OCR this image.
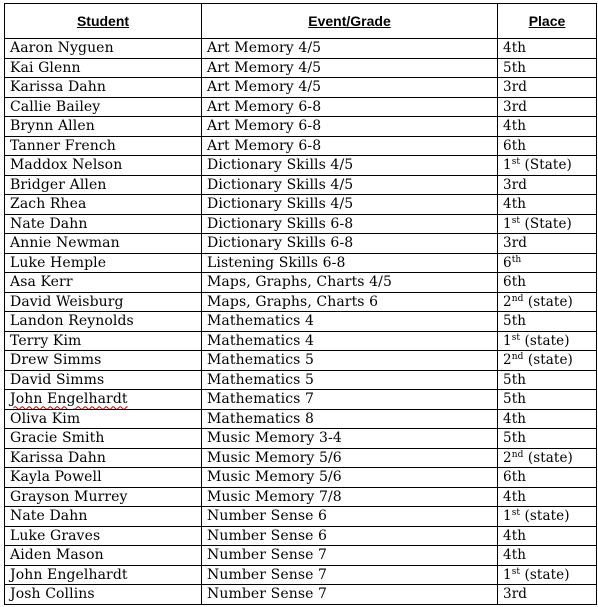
Student	Event/Grade	Place
Aaron Nyguen	Art Memory 4/5	4th
Kai Glenn	Art Memory 4/5	5th
Karissa Dahn	Art Memory 4/5	3rd
Callie Bailey	Art Memory 6-8	3rd
Brynn Allen	Art Memory 6-8	4th
Tanner French	Art Memory 6-8	6th
Maddox Nelson	Dictionary Skills 4/5	1st (State)
Bridger Allen	Dictionary Skills 4/5	3rd
Zach Rhea	Dictionary Skills 4/5	4th
Nate Dahn	Dictionary Skills 6-8	1st (State)
Annie Newman	Dictionary Skills 6-8	3rd
Luke Hemple	Listening Skills 6-8	6th
Asa Kerr	Maps, Graphs, Charts 4/5	6th
David Weisburg	Maps, Graphs, Charts 6	2nd (state)
Landon Reynolds	Mathematics 4	5th
Terry Kim	Mathematics 4	1st (state)
Drew Simms	Mathematics 5	2nd (state)
David Simms	Mathematics 5	5th
John Engelhardt	Mathematics 7	5th
Oliva Kim	Mathematics 8	4th
Gracie Smith	Music Memory 3-4	5th
Karissa Dahn	Music Memory 5/6	2nd (state)
Kayla Powell	Music Memory 5/6	6th
Grayson Murrey	Music Memory 7/8	4th
Nate Dahn	Number Sense 6	1st (state)
Luke Graves	Number Sense 6	4th
Aiden Mason	Number Sense 7	4th
John Engelhardt	Number Sense 7	1st (state)
Josh Collins	Number Sense 7	3rd
